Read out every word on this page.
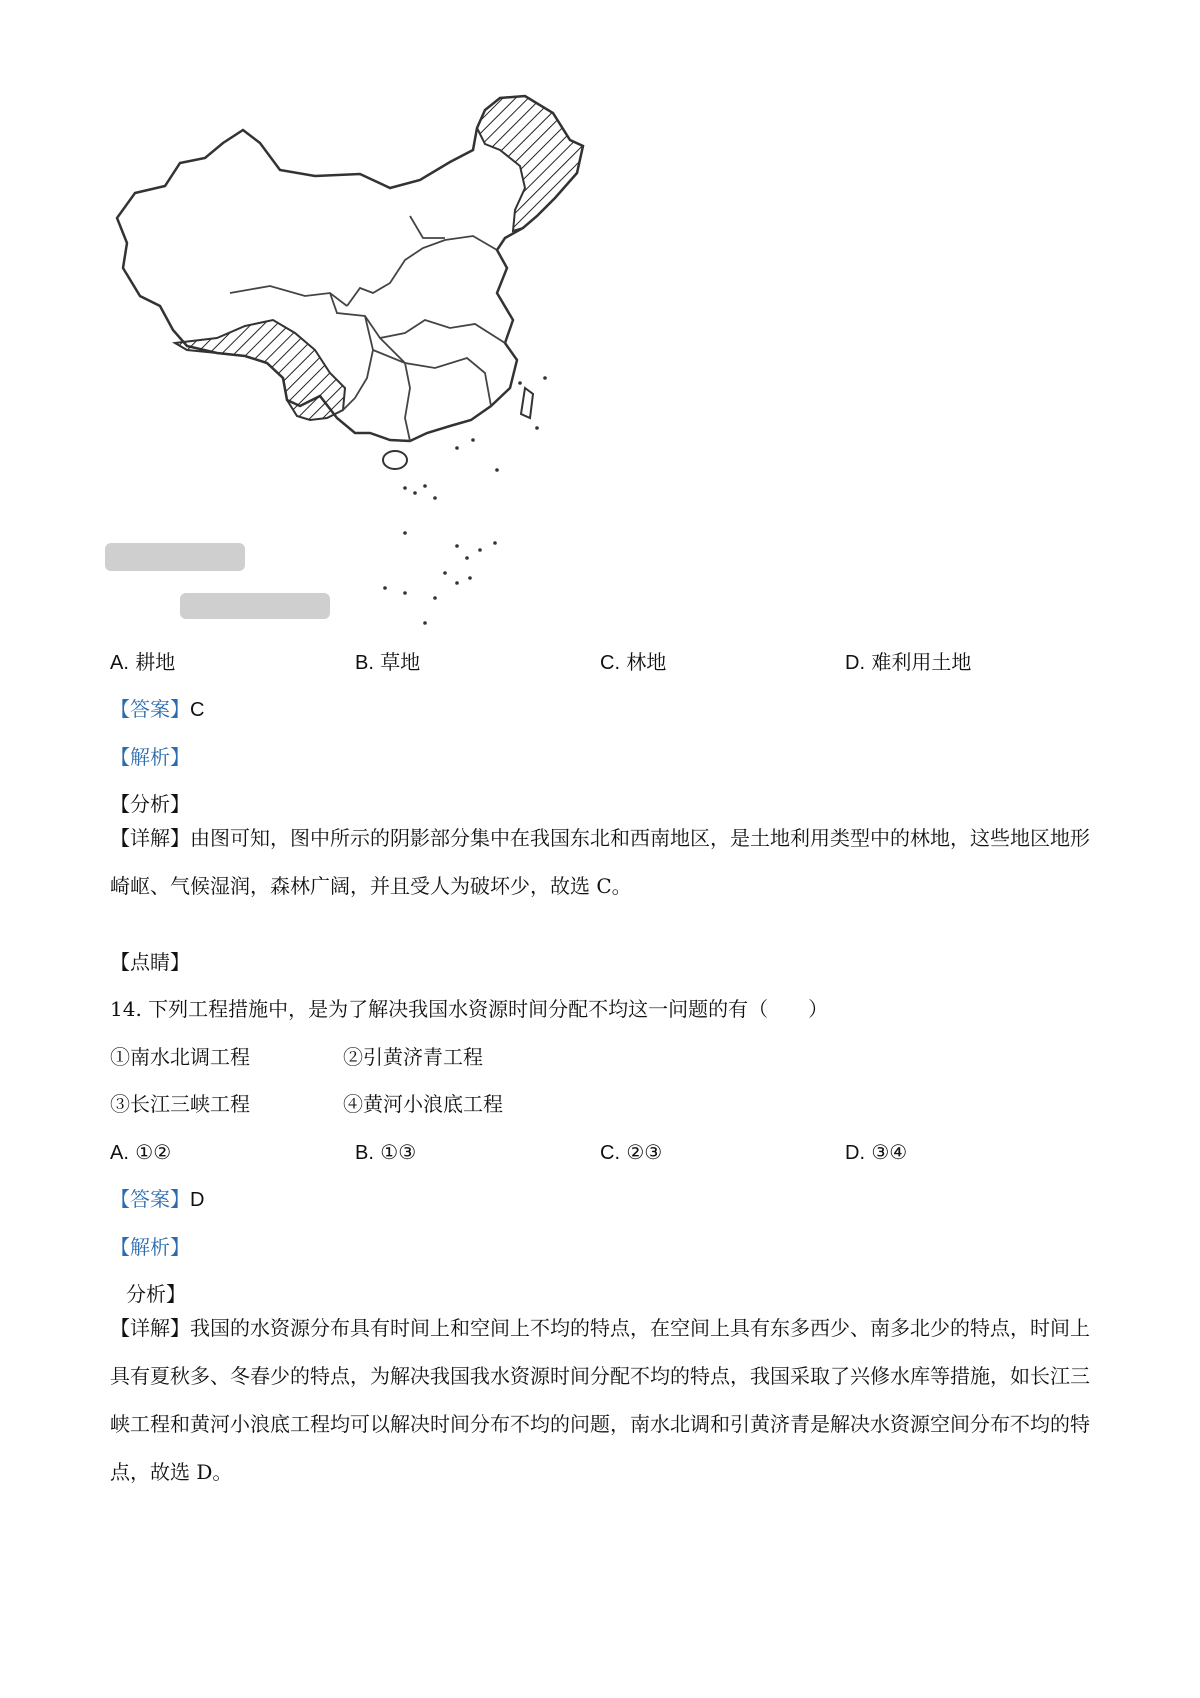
A. 耕地	B. 草地	C. 林地	D. 难利用土地
【答案】C
【解析】
【分析】
【详解】由图可知，图中所示的阴影部分集中在我国东北和西南地区，是土地利用类型中的林地，这些地区地形崎岖、气候湿润，森林广阔，并且受人为破坏少，故选 C。
【点睛】
14. 下列工程措施中，是为了解决我国水资源时间分配不均这一问题的有（　　）
①南水北调工程	②引黄济青工程
③长江三峡工程	④黄河小浪底工程
A. ①②	B. ①③	C. ②③	D. ③④
【答案】D
【解析】
分析】
【详解】我国的水资源分布具有时间上和空间上不均的特点，在空间上具有东多西少、南多北少的特点，时间上具有夏秋多、冬春少的特点，为解决我国我水资源时间分配不均的特点，我国采取了兴修水库等措施，如长江三峡工程和黄河小浪底工程均可以解决时间分布不均的问题，南水北调和引黄济青是解决水资源空间分布不均的特点，故选 D。
